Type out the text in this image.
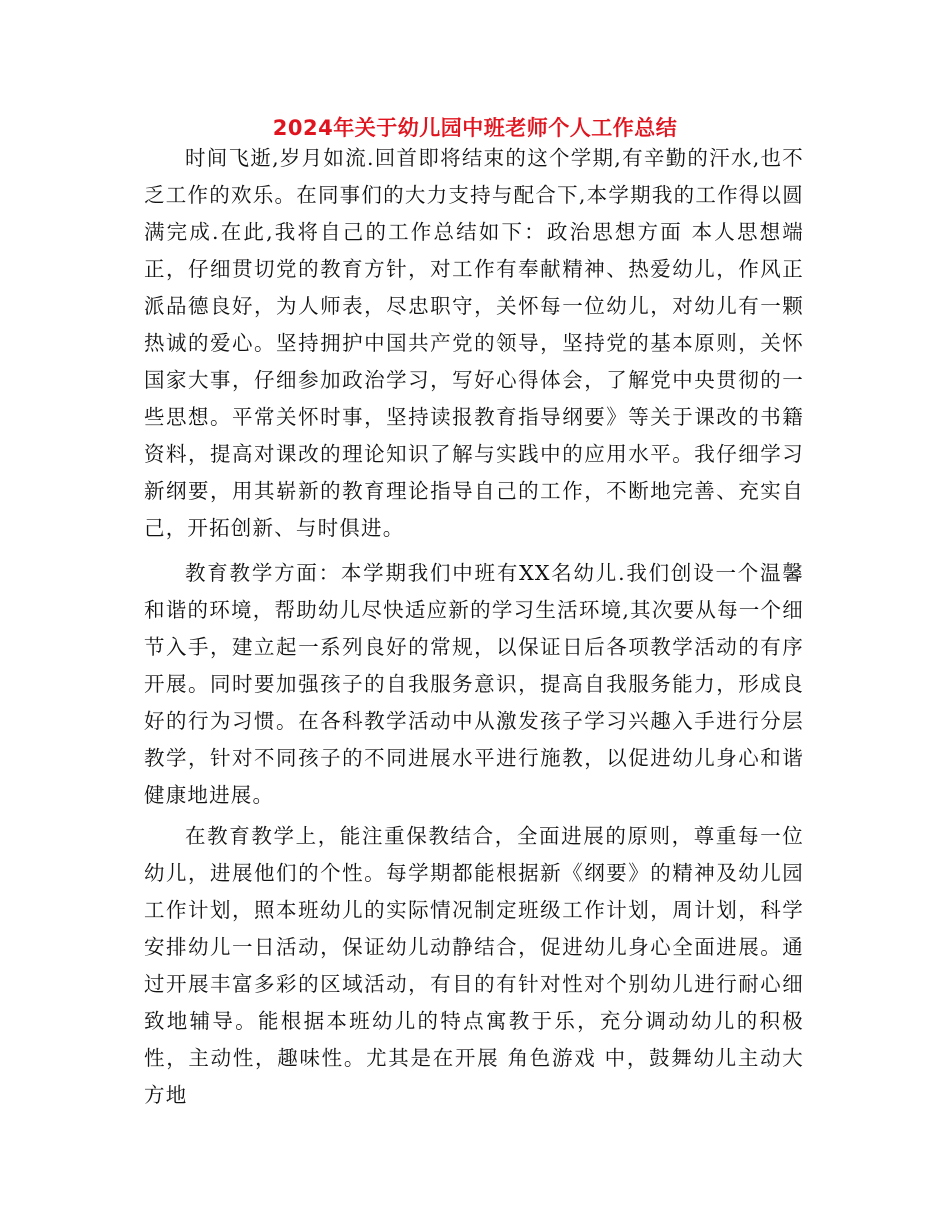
2024年关于幼儿园中班老师个人工作总结

时间飞逝,岁月如流.回首即将结束的这个学期,有辛勤的汗水,也不乏工作的欢乐。在同事们的大力支持与配合下,本学期我的工作得以圆满完成.在此,我将自己的工作总结如下：政治思想方面 本人思想端正，仔细贯切党的教育方针，对工作有奉献精神、热爱幼儿，作风正派品德良好，为人师表，尽忠职守，关怀每一位幼儿，对幼儿有一颗热诚的爱心。坚持拥护中国共产党的领导，坚持党的基本原则，关怀国家大事，仔细参加政治学习，写好心得体会，了解党中央贯彻的一些思想。平常关怀时事，坚持读报教育指导纲要》等关于课改的书籍资料，提高对课改的理论知识了解与实践中的应用水平。我仔细学习新纲要，用其崭新的教育理论指导自己的工作，不断地完善、充实自己，开拓创新、与时俱进。

教育教学方面：本学期我们中班有XX名幼儿.我们创设一个温馨和谐的环境，帮助幼儿尽快适应新的学习生活环境,其次要从每一个细节入手，建立起一系列良好的常规，以保证日后各项教学活动的有序开展。同时要加强孩子的自我服务意识，提高自我服务能力，形成良好的行为习惯。在各科教学活动中从激发孩子学习兴趣入手进行分层教学，针对不同孩子的不同进展水平进行施教，以促进幼儿身心和谐健康地进展。

在教育教学上，能注重保教结合，全面进展的原则，尊重每一位幼儿，进展他们的个性。每学期都能根据新《纲要》的精神及幼儿园工作计划，照本班幼儿的实际情况制定班级工作计划，周计划，科学安排幼儿一日活动，保证幼儿动静结合，促进幼儿身心全面进展。通过开展丰富多彩的区域活动，有目的有针对性对个别幼儿进行耐心细致地辅导。能根据本班幼儿的特点寓教于乐，充分调动幼儿的积极性，主动性，趣味性。尤其是在开展 角色游戏 中，鼓舞幼儿主动大方地
